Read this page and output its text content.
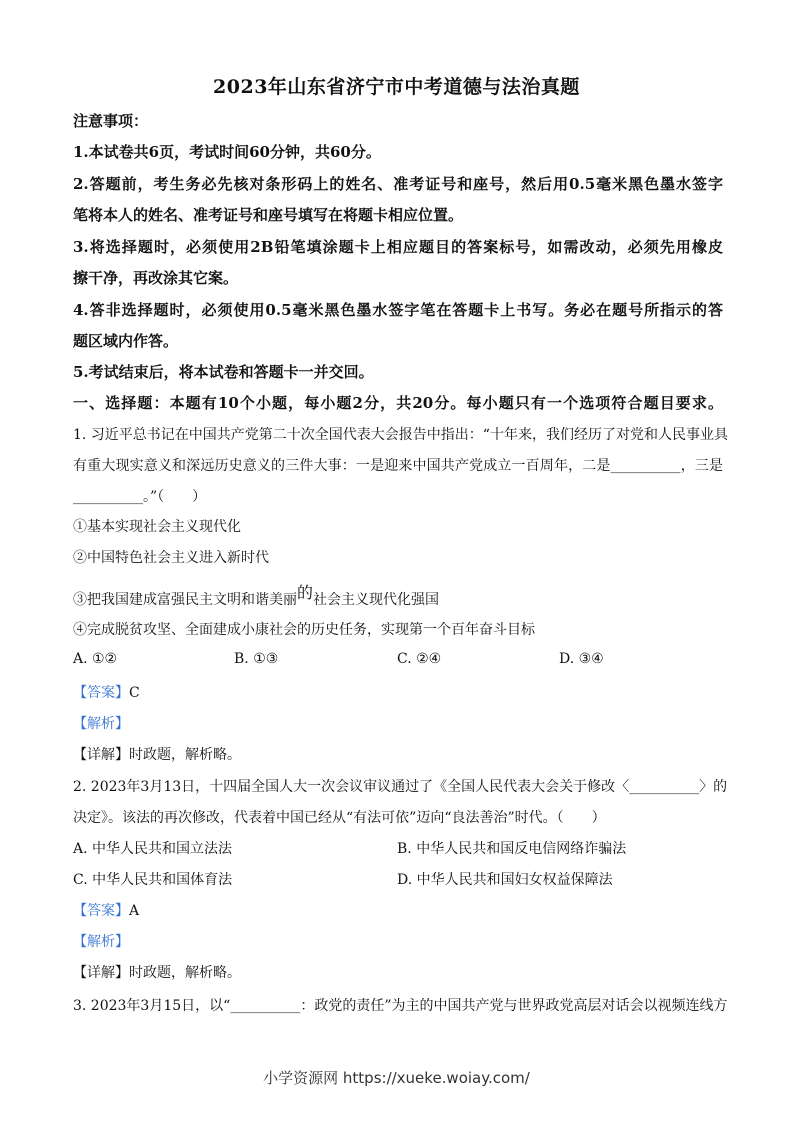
2023年山东省济宁市中考道德与法治真题
注意事项：
1.本试卷共6页，考试时间60分钟，共60分。
2.答题前，考生务必先核对条形码上的姓名、准考证号和座号，然后用0.5毫米黑色墨水签字
笔将本人的姓名、准考证号和座号填写在将题卡相应位置。
3.将选择题时，必须使用2B铅笔填涂题卡上相应题目的答案标号，如需改动，必须先用橡皮
擦干净，再改涂其它案。
4.答非选择题时，必须使用0.5毫米黑色墨水签字笔在答题卡上书写。务必在题号所指示的答
题区域内作答。
5.考试结束后，将本试卷和答题卡一并交回。
一、选择题：本题有10个小题，每小题2分，共20分。每小题只有一个选项符合题目要求。
1. 习近平总书记在中国共产党第二十次全国代表大会报告中指出：“十年来，我们经历了对党和人民事业具
有重大现实意义和深远历史意义的三件大事：一是迎来中国共产党成立一百周年，二是__________，三是
__________。”（　　）
①基本实现社会主义现代化
②中国特色社会主义进入新时代
③把我国建成富强民主文明和谐美丽的社会主义现代化强国
④完成脱贫攻坚、全面建成小康社会的历史任务，实现第一个百年奋斗目标
A. ①②	B. ①③	C. ②④	D. ③④
【答案】C
【解析】
【详解】时政题，解析略。
2. 2023年3月13日，十四届全国人大一次会议审议通过了《全国人民代表大会关于修改〈__________〉的
决定》。该法的再次修改，代表着中国已经从“有法可依”迈向“良法善治”时代。（　　）
A. 中华人民共和国立法法	B. 中华人民共和国反电信网络诈骗法
C. 中华人民共和国体育法	D. 中华人民共和国妇女权益保障法
【答案】A
【解析】
【详解】时政题，解析略。
3. 2023年3月15日，以“__________：政党的责任”为主的中国共产党与世界政党高层对话会以视频连线方
小学资源网 https://xueke.woiay.com/
